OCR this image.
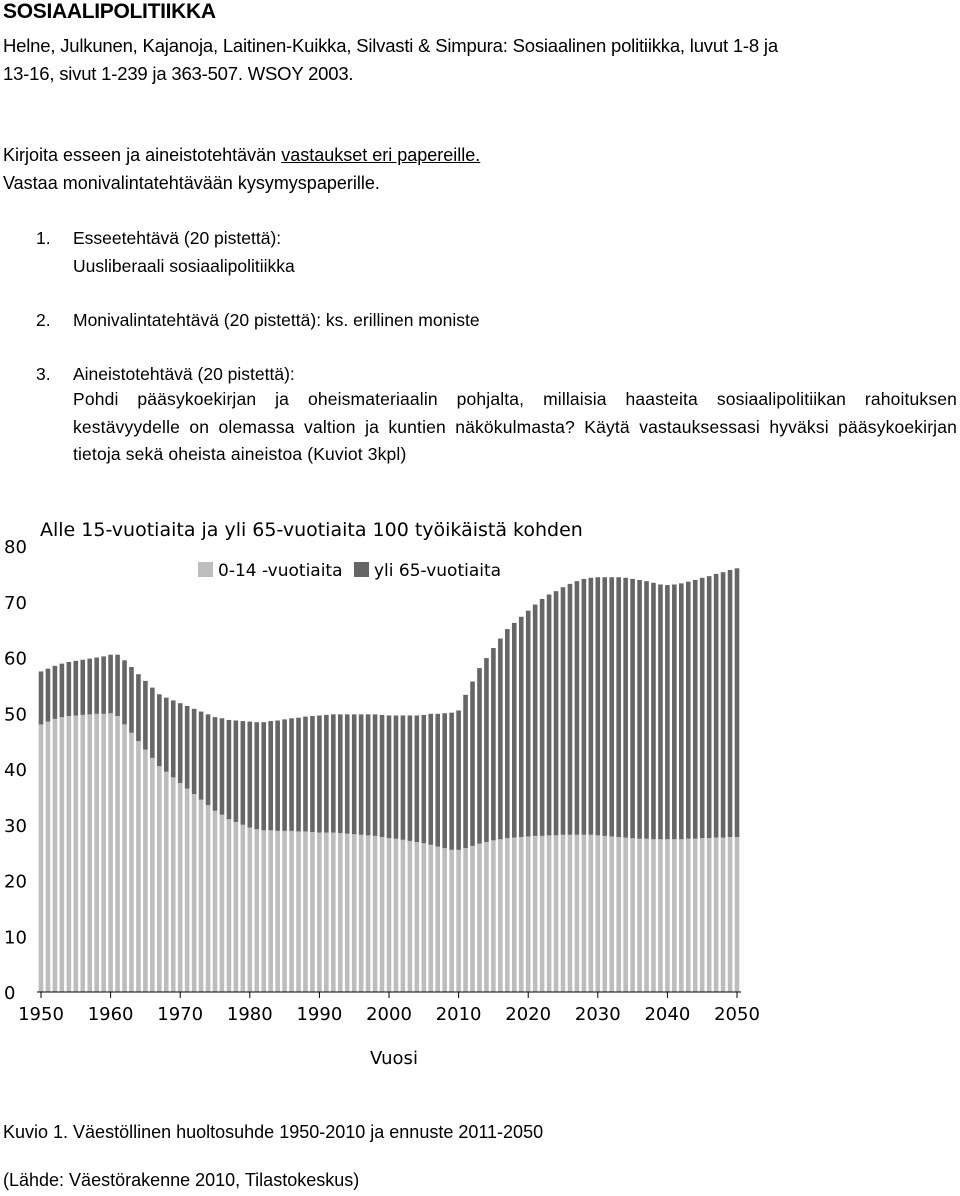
SOSIAALIPOLITIIKKA
Helne, Julkunen, Kajanoja, Laitinen-Kuikka, Silvasti & Simpura: Sosiaalinen politiikka, luvut 1-8 ja
13-16, sivut 1-239 ja 363-507. WSOY 2003.
Kirjoita esseen ja aineistotehtävän vastaukset eri papereille.
Vastaa monivalintatehtävään kysymyspaperille.
1. Esseetehtävä (20 pistettä):
Uusliberaali sosiaalipolitiikka
2. Monivalintatehtävä (20 pistettä): ks. erillinen moniste
3. Aineistotehtävä (20 pistettä):
Pohdi pääsykoekirjan ja oheismateriaalin pohjalta, millaisia haasteita sosiaalipolitiikan rahoituksen kestävyydelle on olemassa valtion ja kuntien näkökulmasta? Käytä vastauksessasi hyväksi pääsykoekirjan tietoja sekä oheista aineistoa (Kuviot 3kpl)
Alle 15-vuotiaita ja yli 65-vuotiaita 100 työikäistä kohden
0-14 -vuotiaita yli 65-vuotiaita
0
10
20
30
40
50
60
70
80
1950 1960 1970 1980 1990 2000 2010 2020 2030 2040 2050
Vuosi
Kuvio 1. Väestöllinen huoltosuhde 1950-2010 ja ennuste 2011-2050
(Lähde: Väestörakenne 2010, Tilastokeskus)
